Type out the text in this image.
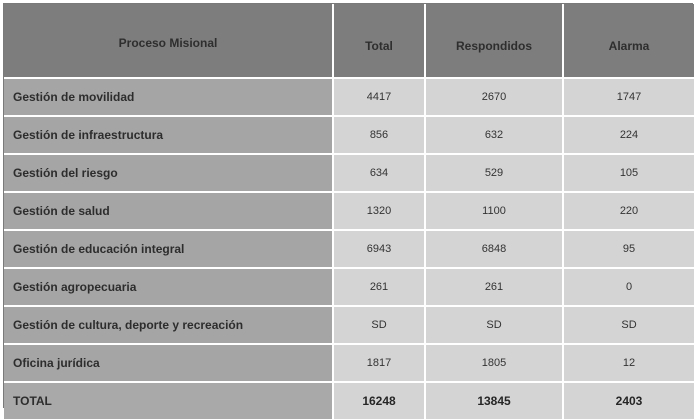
Proceso Misional	Total	Respondidos	Alarma
Gestión de movilidad	4417	2670	1747
Gestión de infraestructura	856	632	224
Gestión del riesgo	634	529	105
Gestión de salud	1320	1100	220
Gestión de educación integral	6943	6848	95
Gestión agropecuaria	261	261	0
Gestión de cultura, deporte y recreación	SD	SD	SD
Oficina jurídica	1817	1805	12
TOTAL	16248	13845	2403
